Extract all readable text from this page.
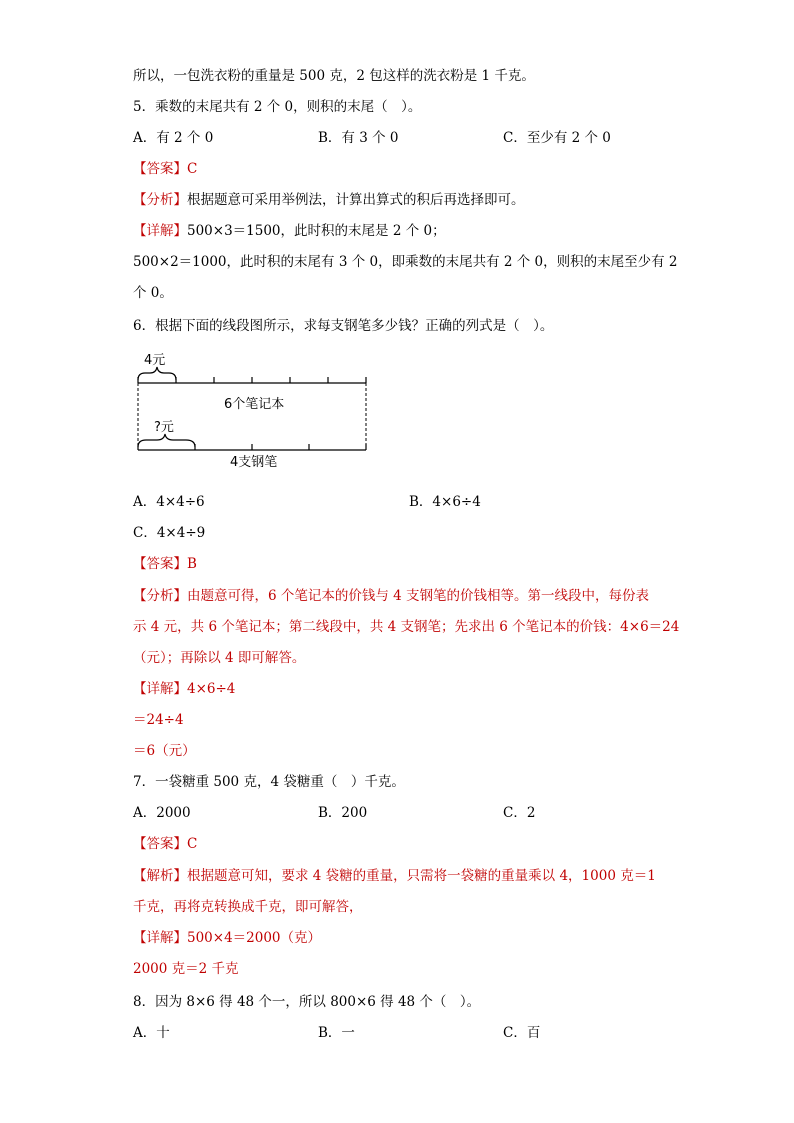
所以，一包洗衣粉的重量是 500 克，2 包这样的洗衣粉是 1 千克。
5．乘数的末尾共有 2 个 0，则积的末尾（　）。
A．有 2 个 0	B．有 3 个 0	C．至少有 2 个 0
【答案】C
【分析】根据题意可采用举例法，计算出算式的积后再选择即可。
【详解】500×3＝1500，此时积的末尾是 2 个 0；
500×2＝1000，此时积的末尾有 3 个 0，即乘数的末尾共有 2 个 0，则积的末尾至少有 2
个 0。
6．根据下面的线段图所示，求每支钢笔多少钱？正确的列式是（　）。
4元
6个笔记本
?元
4支钢笔
A．4×4÷6	B．4×6÷4
C．4×4÷9
【答案】B
【分析】由题意可得，6 个笔记本的价钱与 4 支钢笔的价钱相等。第一线段中，每份表
示 4 元，共 6 个笔记本；第二线段中，共 4 支钢笔；先求出 6 个笔记本的价钱：4×6＝24
（元）；再除以 4 即可解答。
【详解】4×6÷4
＝24÷4
＝6（元）
7．一袋糖重 500 克，4 袋糖重（　）千克。
A．2000	B．200	C．2
【答案】C
【解析】根据题意可知，要求 4 袋糖的重量，只需将一袋糖的重量乘以 4，1000 克＝1
千克，再将克转换成千克，即可解答，
【详解】500×4＝2000（克）
2000 克＝2 千克
8．因为 8×6 得 48 个一，所以 800×6 得 48 个（　）。
A．十	B．一	C．百
